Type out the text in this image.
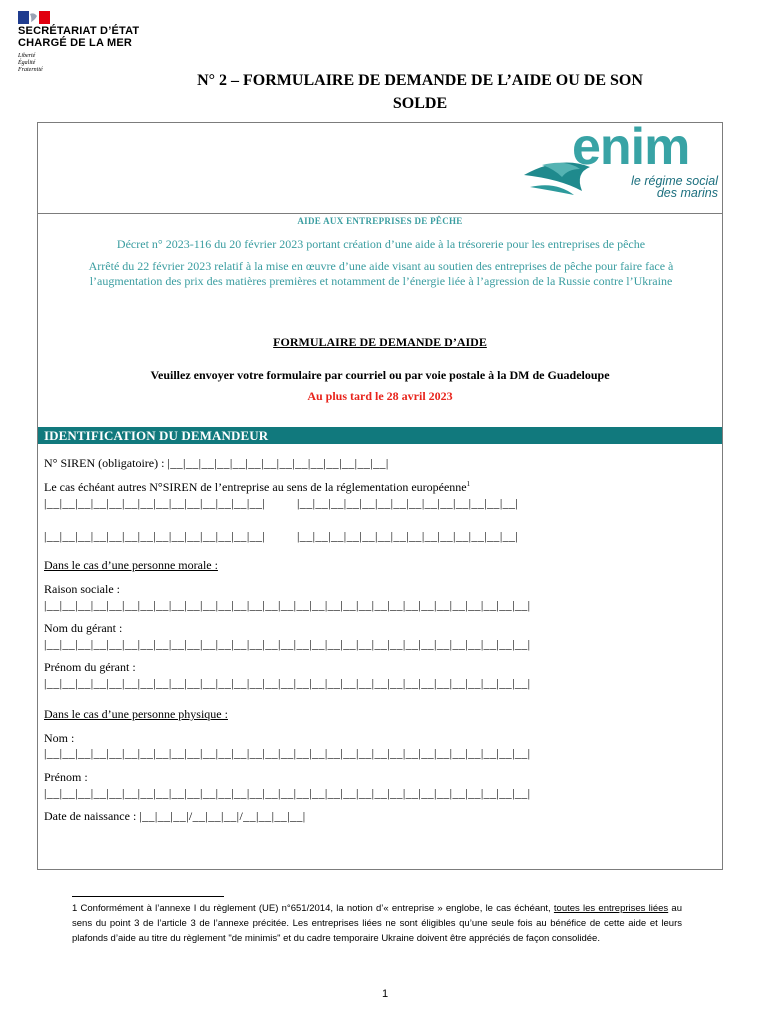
SECRÉTARIAT D’ÉTAT
CHARGÉ DE LA MER
Liberté
Égalité
Fraternité
N° 2 – FORMULAIRE DE DEMANDE DE L’AIDE OU DE SON
SOLDE
enim
le régime social
des marins
AIDE AUX ENTREPRISES DE PÊCHE
Décret n° 2023-116 du 20 février 2023 portant création d’une aide à la trésorerie pour les entreprises de pêche
Arrêté du 22 février 2023 relatif à la mise en œuvre d’une aide visant au soutien des entreprises de pêche pour faire face à l’augmentation des prix des matières premières et notamment de l’énergie liée à l’agression de la Russie contre l’Ukraine
FORMULAIRE DE DEMANDE D’AIDE
Veuillez envoyer votre formulaire par courriel ou par voie postale à la DM de Guadeloupe
Au plus tard le 28 avril 2023
IDENTIFICATION DU DEMANDEUR
N° SIREN (obligatoire) : |__|__|__|__|__|__|__|__|__|__|__|__|__|__|
Le cas échéant autres N°SIREN de l’entreprise au sens de la réglementation européenne$^1$
|__|__|__|__|__|__|__|__|__|__|__|__|__|__|	|__|__|__|__|__|__|__|__|__|__|__|__|__|__|
|__|__|__|__|__|__|__|__|__|__|__|__|__|__|	|__|__|__|__|__|__|__|__|__|__|__|__|__|__|
Dans le cas d’une personne morale :
Raison sociale :
|__|__|__|__|__|__|__|__|__|__|__|__|__|__|__|__|__|__|__|__|__|__|__|__|__|__|__|__|__|__|__|
Nom du gérant :
|__|__|__|__|__|__|__|__|__|__|__|__|__|__|__|__|__|__|__|__|__|__|__|__|__|__|__|__|__|__|__|
Prénom du gérant :
|__|__|__|__|__|__|__|__|__|__|__|__|__|__|__|__|__|__|__|__|__|__|__|__|__|__|__|__|__|__|__|
Dans le cas d’une personne physique :
Nom :
|__|__|__|__|__|__|__|__|__|__|__|__|__|__|__|__|__|__|__|__|__|__|__|__|__|__|__|__|__|__|__|
Prénom :
|__|__|__|__|__|__|__|__|__|__|__|__|__|__|__|__|__|__|__|__|__|__|__|__|__|__|__|__|__|__|__|
Date de naissance : |__|__|__|/__|__|__|/__|__|__|__|
1 Conformément à l’annexe I du règlement (UE) n°651/2014, la notion d’« entreprise » englobe, le cas échéant, toutes les entreprises liées au sens du point 3 de l’article 3 de l’annexe précitée. Les entreprises liées ne sont éligibles qu’une seule fois au bénéfice de cette aide et leurs plafonds d’aide au titre du règlement "de minimis" et du cadre temporaire Ukraine doivent être appréciés de façon consolidée.
1
